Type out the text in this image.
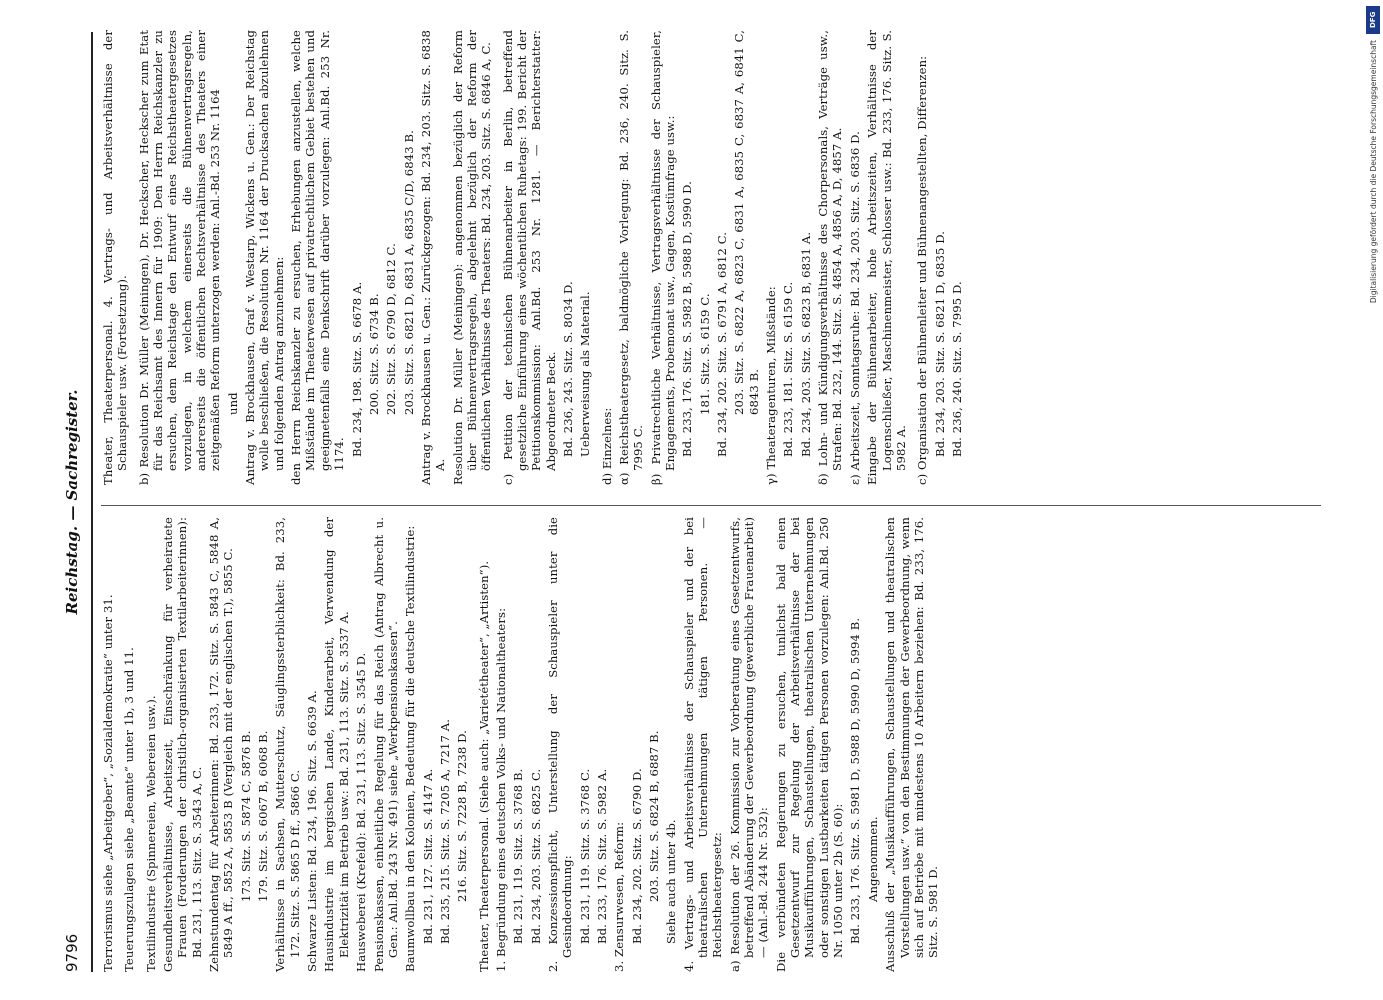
9796
Reichstag. — Sachregister.

Terrorismus siehe „Arbeitgeber“, „Sozialdemokratie“ unter 31. Teuerungszulagen siehe „Beamte“ unter 1b, 3 und 11. Textilindustrie (Spinnereien, Webereien usw.). Gesundheitsverhältnisse, Arbeitszeit, Einschränkung für verheiratete Frauen (Forderungen der christlich-organisierten Textilarbeiterinnen): Bd. 231, 113. Sitz. S. 3543 A, C. Zehnstundentag für Arbeiterinnen: Bd. 233, 172. Sitz. S. 5843 C, 5848 A, 5849 A ff., 5852 A, 5853 B (Vergleich mit der englischen T.), 5855 C. 173. Sitz. S. 5874 C, 5876 B. 179. Sitz. S. 6067 B, 6068 B. Verhältnisse in Sachsen, Mutterschutz, Säuglingssterblichkeit: Bd. 233, 172. Sitz. S. 5865 D ff., 5866 C. Schwarze Listen: Bd. 234, 196. Sitz. S. 6639 A. Hausindustrie im bergischen Lande, Kinderarbeit, Verwendung der Elektrizität im Betrieb usw.: Bd. 231, 113. Sitz. S. 3537 A. Hausweberei (Krefeld): Bd. 231, 113. Sitz. S. 3545 D. Pensionskassen, einheitliche Regelung für das Reich (Antrag Albrecht u. Gen.: Anl.Bd. 243 Nr. 491) siehe „Werkpensionskassen“. Baumwollbau in den Kolonien, Bedeutung für die deutsche Textilindustrie: Bd. 231, 127. Sitz. S. 4147 A. Bd. 235, 215. Sitz. S. 7205 A, 7217 A. 216. Sitz. S. 7228 B, 7238 D. Theater, Theaterpersonal. (Siehe auch: „Varietétheater“, „Artisten“). 1. Begründung eines deutschen Volks- und Nationaltheaters: Bd. 231, 119. Sitz. S. 3768 B. Bd. 234, 203. Sitz. S. 6825 C. 2. Konzessionspflicht, Unterstellung der Schauspieler unter die Gesindeordnung: Bd. 231, 119. Sitz. S. 3768 C. Bd. 233, 176. Sitz. S. 5982 A. 3. Zensurwesen, Reform: Bd. 234, 202. Sitz. S. 6790 D. 203. Sitz. S. 6824 B, 6887 B. Siehe auch unter 4b. 4. Vertrags- und Arbeitsverhältnisse der Schauspieler und der bei theatralischen Unternehmungen tätigen Personen. — Reichstheatergesetz: a) Resolution der 26. Kommission zur Vorberatung eines Gesetzentwurfs, betreffend Abänderung der Gewerbeordnung (gewerbliche Frauenarbeit) — (Anl.-Bd. 244 Nr. 532): Die verbündeten Regierungen zu ersuchen, tunlichst bald einen Gesetzentwurf zur Regelung der Arbeitsverhältnisse der bei Musikaufführungen, Schaustellungen, theatralischen Unternehmungen oder sonstigen Lustbarkeiten tätigen Personen vorzulegen: Anl.Bd. 250 Nr. 1050 unter 2b (S. 60): Bd. 233, 176. Sitz. S. 5981 D, 5988 D, 5990 D, 5994 B. Angenommen. Ausschluß der „Musikaufführungen, Schaustellungen und theatralischen Vorstellungen usw.“ von den Bestimmungen der Gewerbeordnung, wenn sich auf Betriebe mit mindestens 10 Arbeitern beziehen: Bd. 233, 176. Sitz. S. 5981 D.

Theater, Theaterpersonal. 4. Vertrags- und Arbeitsverhältnisse der Schauspieler usw. (Fortsetzung). b) Resolution Dr. Müller (Meiningen), Dr. Heckscher, Heckscher zum Etat für das Reichsamt des Innern für 1909: Den Herrn Reichskanzler zu ersuchen, dem Reichstage den Entwurf eines Reichstheatergesetzes vorzulegen, in welchem einerseits die Bühnenvertragsregeln, andererseits die öffentlichen Rechtsverhältnisse des Theaters einer zeitgemäßen Reform unterzogen werden: Anl.-Bd. 253 Nr. 1164 und Antrag v. Brockhausen, Graf v. Westarp, Wickens u. Gen.: Der Reichstag wolle beschließen, die Resolution Nr. 1164 der Drucksachen abzulehnen und folgenden Antrag anzunehmen: den Herrn Reichskanzler zu ersuchen, Erhebungen anzustellen, welche Mißstände im Theaterwesen auf privatrechtlichem Gebiet bestehen und geeignetenfalls eine Denkschrift darüber vorzulegen: Anl.Bd. 253 Nr. 1174. Bd. 234, 198. Sitz. S. 6678 A. 200. Sitz. S. 6734 B. 202. Sitz. S. 6790 D, 6812 C. 203. Sitz. S. 6821 D, 6831 A, 6835 C/D, 6843 B. Antrag v. Brockhausen u. Gen.: Zurückgezogen: Bd. 234, 203. Sitz. S. 6838 A. Resolution Dr. Müller (Meiningen): angenommen bezüglich der Reform über Bühnenvertragsregeln, abgelehnt bezüglich der Reform der öffentlichen Verhältnisse des Theaters: Bd. 234, 203. Sitz. S. 6846 A, C. c) Petition der technischen Bühnenarbeiter in Berlin, betreffend gesetzliche Einführung eines wöchentlichen Ruhetags: 199. Bericht der Petitionskommission: Anl.Bd. 253 Nr. 1281. — Berichterstatter: Abgeordneter Beck. Bd. 236, 243. Sitz. S. 8034 D. Ueberweisung als Material. d) Einzelnes: α) Reichstheatergesetz, baldmögliche Vorlegung: Bd. 236, 240. Sitz. S. 7995 C. β) Privatrechtliche Verhältnisse, Vertragsverhältnisse der Schauspieler, Engagements, Probemonat usw., Gagen, Kostümfrage usw.: Bd. 233, 176. Sitz. S. 5982 B, 5988 D, 5990 D. 181. Sitz. S. 6159 C. Bd. 234, 202. Sitz. S. 6791 A, 6812 C. 203. Sitz. S. 6822 A, 6823 C, 6831 A, 6835 C, 6837 A, 6841 C, 6843 B. γ) Theateragenturen, Mißstände: Bd. 233, 181. Sitz. S. 6159 C. Bd. 234, 203. Sitz. S. 6823 B, 6831 A. δ) Lohn- und Kündigungsverhältnisse des Chorpersonals, Verträge usw., Strafen: Bd. 232, 144. Sitz. S. 4854 A, 4856 A, D, 4857 A. ε) Arbeitszeit, Sonntagsruhe: Bd. 234, 203. Sitz. S. 6836 D. Eingabe der Bühnenarbeiter, hohe Arbeitszeiten, Verhältnisse der Logenschließer, Maschinenmeister, Schlosser usw.: Bd. 233, 176. Sitz. S. 5982 A. c) Organisation der Bühnenleiter und Bühnenangestellten, Differenzen: Bd. 234, 203. Sitz. S. 6821 D, 6835 D. Bd. 236, 240. Sitz. S. 7995 D.

DFG
Digitalisierung gefördert durch die Deutsche Forschungsgemeinschaft
